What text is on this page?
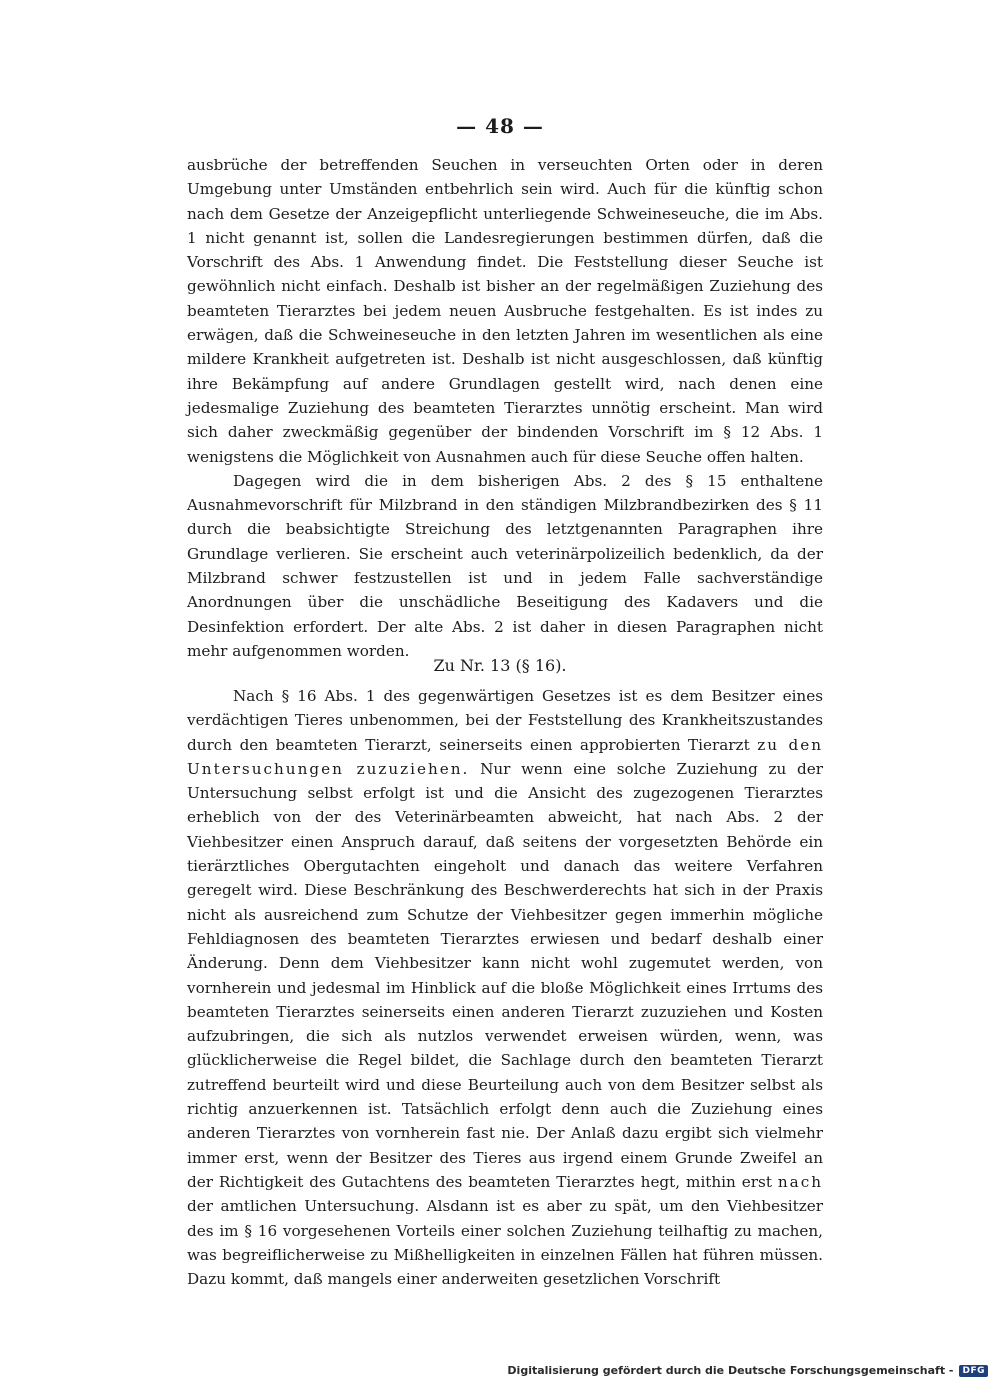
— 48 —

ausbrüche der betreffenden Seuchen in verseuchten Orten oder in deren Umgebung unter Umständen entbehrlich sein wird. Auch für die künftig schon nach dem Gesetze der Anzeigepflicht unterliegende Schweineseuche, die im Abs. 1 nicht genannt ist, sollen die Landesregierungen bestimmen dürfen, daß die Vorschrift des Abs. 1 Anwendung findet. Die Feststellung dieser Seuche ist gewöhnlich nicht einfach. Deshalb ist bisher an der regelmäßigen Zuziehung des beamteten Tierarztes bei jedem neuen Ausbruche festgehalten. Es ist indes zu erwägen, daß die Schweineseuche in den letzten Jahren im wesentlichen als eine mildere Krankheit aufgetreten ist. Deshalb ist nicht ausgeschlossen, daß künftig ihre Bekämpfung auf andere Grundlagen gestellt wird, nach denen eine jedesmalige Zuziehung des beamteten Tierarztes unnötig erscheint. Man wird sich daher zweckmäßig gegenüber der bindenden Vorschrift im § 12 Abs. 1 wenigstens die Möglichkeit von Ausnahmen auch für diese Seuche offen halten.

Dagegen wird die in dem bisherigen Abs. 2 des § 15 enthaltene Ausnahmevorschrift für Milzbrand in den ständigen Milzbrandbezirken des § 11 durch die beabsichtigte Streichung des letztgenannten Paragraphen ihre Grundlage verlieren. Sie erscheint auch veterinärpolizeilich bedenklich, da der Milzbrand schwer festzustellen ist und in jedem Falle sachverständige Anordnungen über die unschädliche Beseitigung des Kadavers und die Desinfektion erfordert. Der alte Abs. 2 ist daher in diesen Paragraphen nicht mehr aufgenommen worden.

Zu Nr. 13 (§ 16).

Nach § 16 Abs. 1 des gegenwärtigen Gesetzes ist es dem Besitzer eines verdächtigen Tieres unbenommen, bei der Feststellung des Krankheitszustandes durch den beamteten Tierarzt, seinerseits einen approbierten Tierarzt zu den Untersuchungen zuzuziehen. Nur wenn eine solche Zuziehung zu der Untersuchung selbst erfolgt ist und die Ansicht des zugezogenen Tierarztes erheblich von der des Veterinärbeamten abweicht, hat nach Abs. 2 der Viehbesitzer einen Anspruch darauf, daß seitens der vorgesetzten Behörde ein tierärztliches Obergutachten eingeholt und danach das weitere Verfahren geregelt wird. Diese Beschränkung des Beschwerderechts hat sich in der Praxis nicht als ausreichend zum Schutze der Viehbesitzer gegen immerhin mögliche Fehldiagnosen des beamteten Tierarztes erwiesen und bedarf deshalb einer Änderung. Denn dem Viehbesitzer kann nicht wohl zugemutet werden, von vornherein und jedesmal im Hinblick auf die bloße Möglichkeit eines Irrtums des beamteten Tierarztes seinerseits einen anderen Tierarzt zuzuziehen und Kosten aufzubringen, die sich als nutzlos verwendet erweisen würden, wenn, was glücklicherweise die Regel bildet, die Sachlage durch den beamteten Tierarzt zutreffend beurteilt wird und diese Beurteilung auch von dem Besitzer selbst als richtig anzuerkennen ist. Tatsächlich erfolgt denn auch die Zuziehung eines anderen Tierarztes von vornherein fast nie. Der Anlaß dazu ergibt sich vielmehr immer erst, wenn der Besitzer des Tieres aus irgend einem Grunde Zweifel an der Richtigkeit des Gutachtens des beamteten Tierarztes hegt, mithin erst nach der amtlichen Untersuchung. Alsdann ist es aber zu spät, um den Viehbesitzer des im § 16 vorgesehenen Vorteils einer solchen Zuziehung teilhaftig zu machen, was begreiflicherweise zu Mißhelligkeiten in einzelnen Fällen hat führen müssen. Dazu kommt, daß mangels einer anderweiten gesetzlichen Vorschrift

Digitalisierung gefördert durch die Deutsche Forschungsgemeinschaft -	DFG
